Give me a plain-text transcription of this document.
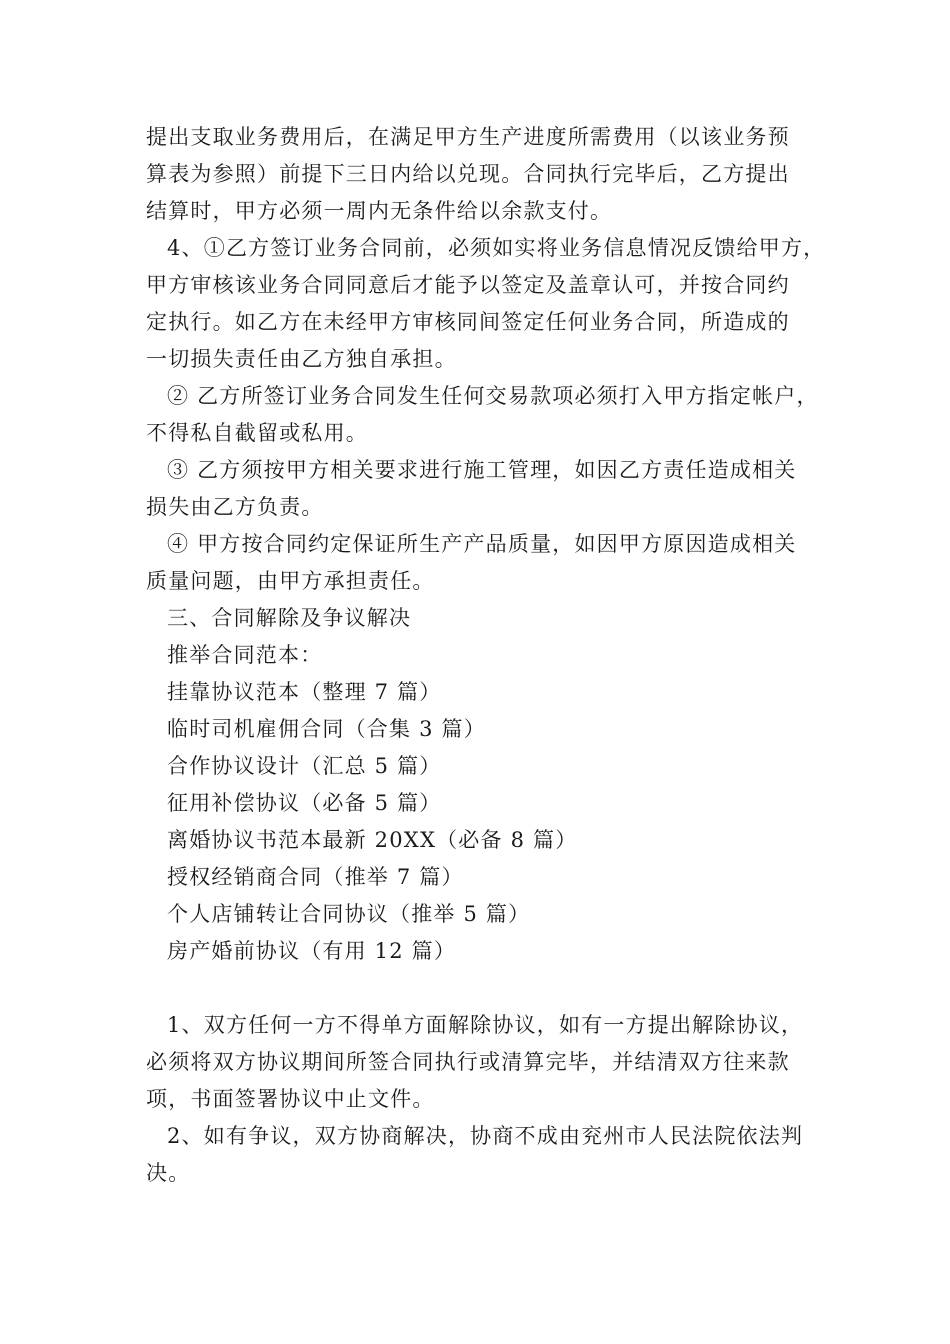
提出支取业务费用后，在满足甲方生产进度所需费用（以该业务预
算表为参照）前提下三日内给以兑现。合同执行完毕后，乙方提出
结算时，甲方必须一周内无条件给以余款支付。
4、①乙方签订业务合同前，必须如实将业务信息情况反馈给甲方，
甲方审核该业务合同同意后才能予以签定及盖章认可，并按合同约
定执行。如乙方在未经甲方审核同间签定任何业务合同，所造成的
一切损失责任由乙方独自承担。
② 乙方所签订业务合同发生任何交易款项必须打入甲方指定帐户，
不得私自截留或私用。
③ 乙方须按甲方相关要求进行施工管理，如因乙方责任造成相关
损失由乙方负责。
④ 甲方按合同约定保证所生产产品质量，如因甲方原因造成相关
质量问题，由甲方承担责任。
三、合同解除及争议解决
推举合同范本：
挂靠协议范本（整理 7 篇）
临时司机雇佣合同（合集 3 篇）
合作协议设计（汇总 5 篇）
征用补偿协议（必备 5 篇）
离婚协议书范本最新 20XX（必备 8 篇）
授权经销商合同（推举 7 篇）
个人店铺转让合同协议（推举 5 篇）
房产婚前协议（有用 12 篇）
1、双方任何一方不得单方面解除协议，如有一方提出解除协议，
必须将双方协议期间所签合同执行或清算完毕，并结清双方往来款
项，书面签署协议中止文件。
2、如有争议，双方协商解决，协商不成由兖州市人民法院依法判
决。
